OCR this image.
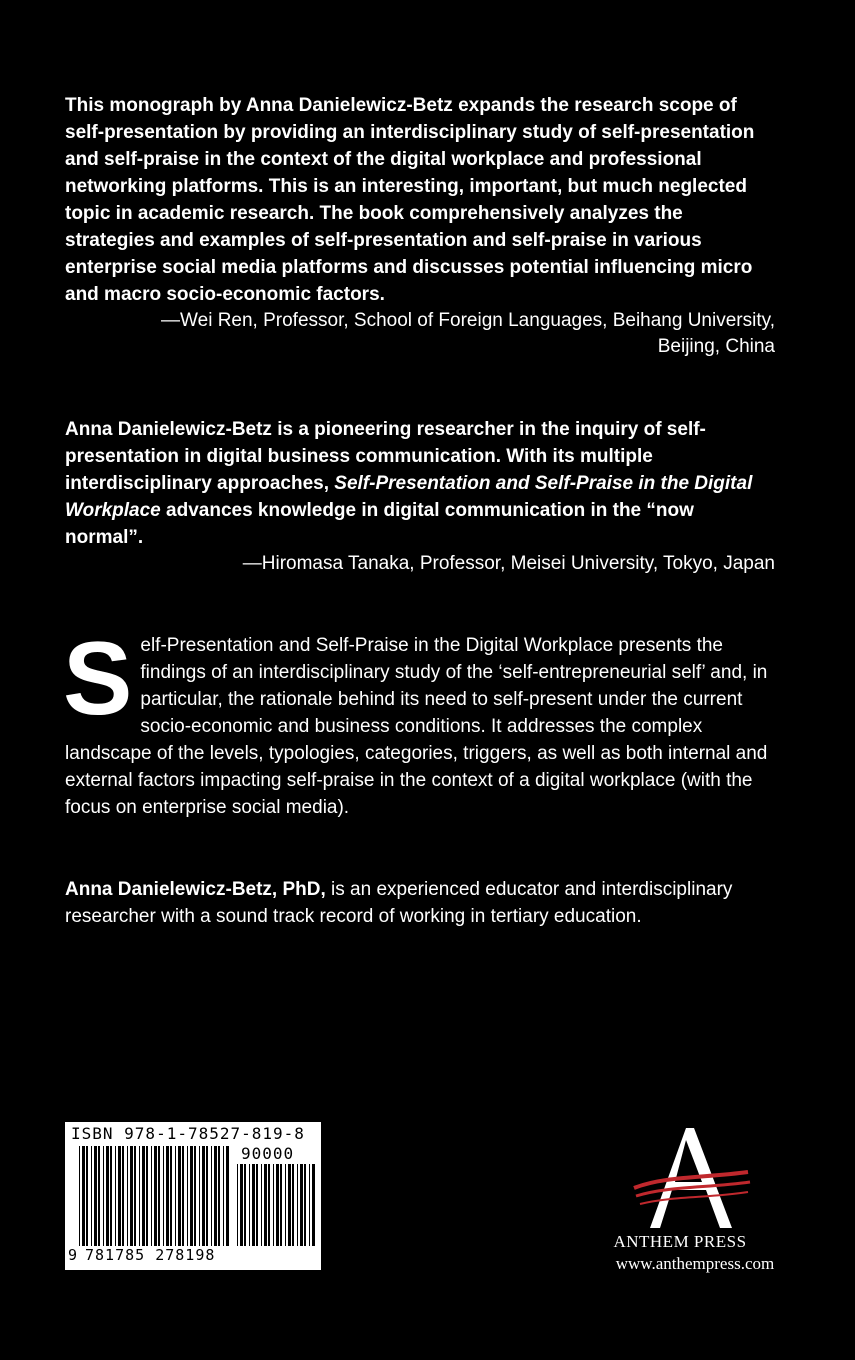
This monograph by Anna Danielewicz-Betz expands the research scope of self-presentation by providing an interdisciplinary study of self-presentation and self-praise in the context of the digital workplace and professional networking platforms. This is an interesting, important, but much neglected topic in academic research. The book comprehensively analyzes the strategies and examples of self-presentation and self-praise in various enterprise social media platforms and discusses potential influencing micro and macro socio-economic factors.

—Wei Ren, Professor, School of Foreign Languages, Beihang University,

Beijing, China

Anna Danielewicz-Betz is a pioneering researcher in the inquiry of self-presentation in digital business communication. With its multiple interdisciplinary approaches, Self-Presentation and Self-Praise in the Digital Workplace advances knowledge in digital communication in the “now normal”.

—Hiromasa Tanaka, Professor, Meisei University, Tokyo, Japan

S elf-Presentation and Self-Praise in the Digital Workplace presents the findings of an interdisciplinary study of the ‘self-entrepreneurial self’ and, in particular, the rationale behind its need to self-present under the current socio-economic and business conditions. It addresses the complex landscape of the levels, typologies, categories, triggers, as well as both internal and external factors impacting self-praise in the context of a digital workplace (with the focus on enterprise social media).

Anna Danielewicz-Betz, PhD, is an experienced educator and interdisciplinary researcher with a sound track record of working in tertiary education.

ISBN 978-1-78527-819-8
90000
9 781785 278198
ANTHEM PRESS
www.anthempress.com
